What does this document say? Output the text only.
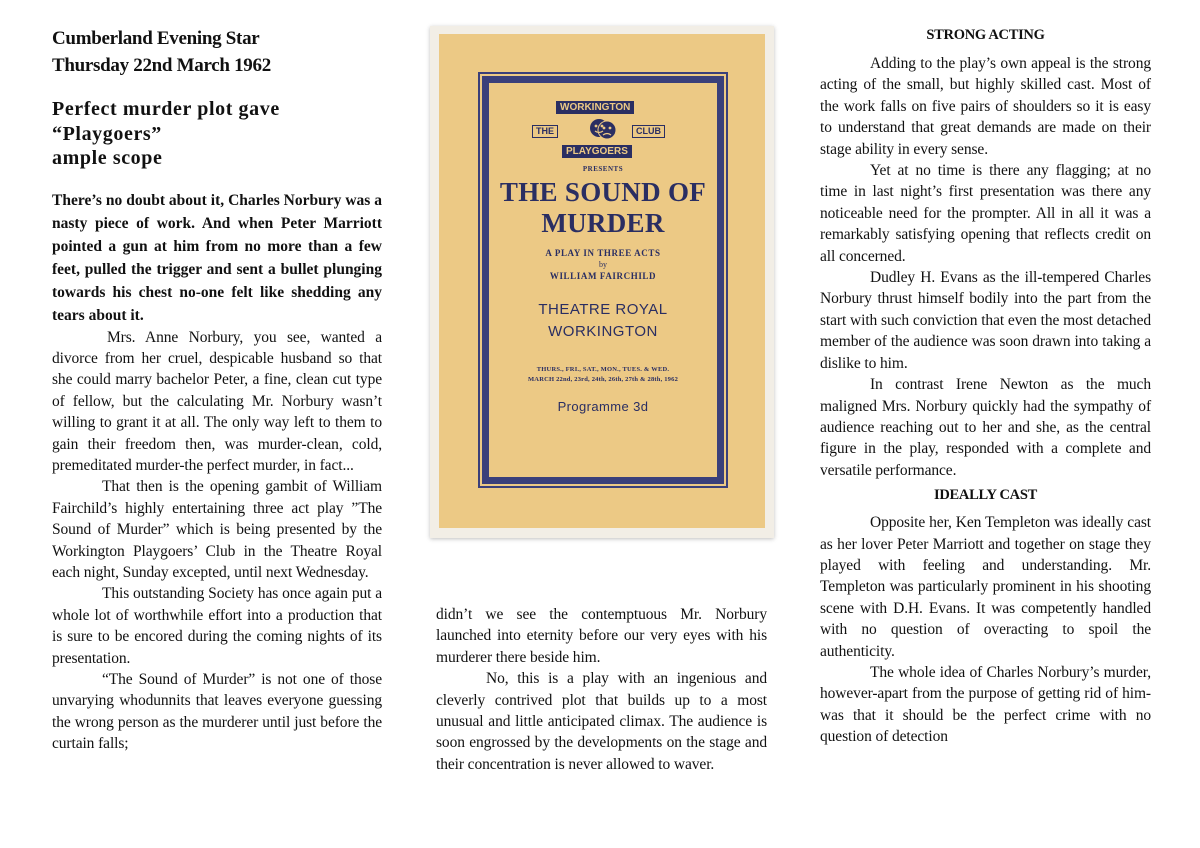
Cumberland Evening Star
Thursday 22nd March 1962
Perfect murder plot gave
“Playgoers”
ample scope

There’s no doubt about it, Charles Norbury was a nasty piece of work. And when Peter Marriott pointed a gun at him from no more than a few feet, pulled the trigger and sent a bullet plunging towards his chest no-one felt like shedding any tears about it.

Mrs. Anne Norbury, you see, wanted a divorce from her cruel, despicable husband so that she could marry bachelor Peter, a fine, clean cut type of fellow, but the calculating Mr. Norbury wasn’t willing to grant it at all. The only way left to them to gain their freedom then, was murder-clean, cold, premeditated murder-the perfect murder, in fact...

That then is the opening gambit of William Fairchild’s highly entertaining three act play ”The Sound of Murder” which is being presented by the Workington Playgoers’ Club in the Theatre Royal each night, Sunday excepted, until next Wednesday.

This outstanding Society has once again put a whole lot of worthwhile effort into a production that is sure to be encored during the coming nights of its presentation.

“The Sound of Murder” is not one of those unvarying whodunnits that leaves everyone guessing the wrong person as the murderer until just before the curtain falls;

WORKINGTON
THE	CLUB
PLAYGOERS
PRESENTS
THE SOUND OF
MURDER
A PLAY IN THREE ACTS
by
WILLIAM FAIRCHILD
THEATRE ROYAL
WORKINGTON
THURS., FRI., SAT., MON., TUES. & WED.
MARCH 22nd, 23rd, 24th, 26th, 27th & 28th, 1962
Programme 3d

didn’t we see the contemptuous Mr. Norbury launched into eternity before our very eyes with his murderer there beside him.

No, this is a play with an ingenious and cleverly contrived plot that builds up to a most unusual and little anticipated climax. The audience is soon engrossed by the developments on the stage and their concentration is never allowed to waver.

STRONG ACTING

Adding to the play’s own appeal is the strong acting of the small, but highly skilled cast. Most of the work falls on five pairs of shoulders so it is easy to understand that great demands are made on their stage ability in every sense.

Yet at no time is there any flagging; at no time in last night’s first presentation was there any noticeable need for the prompter. All in all it was a remarkably satisfying opening that reflects credit on all concerned.

Dudley H. Evans as the ill-tempered Charles Norbury thrust himself bodily into the part from the start with such conviction that even the most detached member of the audience was soon drawn into taking a dislike to him.

In contrast Irene Newton as the much maligned Mrs. Norbury quickly had the sympathy of audience reaching out to her and she, as the central figure in the play, responded with a complete and versatile performance.

IDEALLY CAST

Opposite her, Ken Templeton was ideally cast as her lover Peter Marriott and together on stage they played with feeling and understanding. Mr. Templeton was particularly prominent in his shooting scene with D.H. Evans. It was competently handled with no question of overacting to spoil the authenticity.

The whole idea of Charles Norbury’s murder, however-apart from the purpose of getting rid of him-was that it should be the perfect crime with no question of detection
